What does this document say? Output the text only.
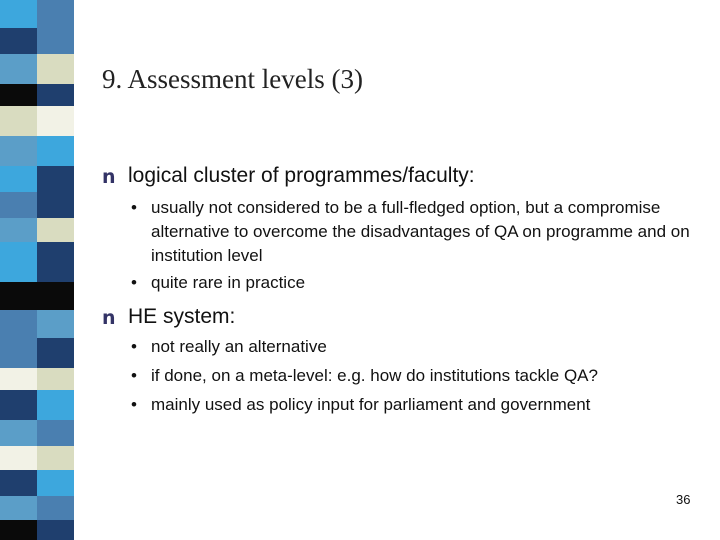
9. Assessment levels (3)
n logical cluster of programmes/faculty:
• usually not considered to be a full-fledged option, but a compromise alternative to overcome the disadvantages of QA on programme and on institution level
• quite rare in practice
n HE system:
• not really an alternative
• if done, on a meta-level: e.g. how do institutions tackle QA?
• mainly used as policy input for parliament and government
36
